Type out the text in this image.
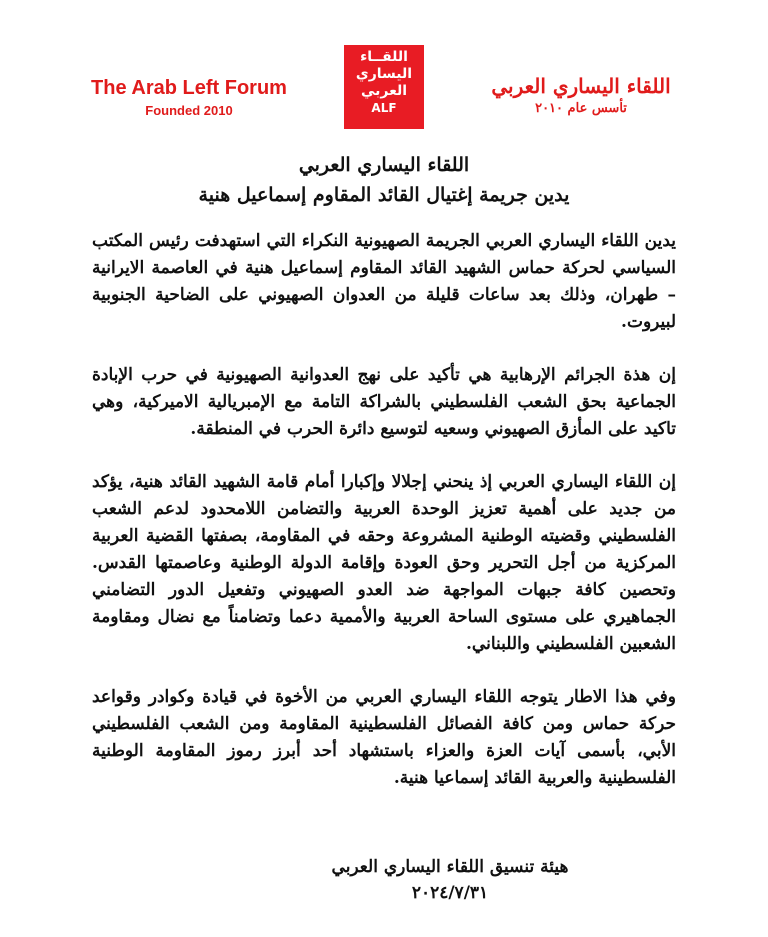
The Arab Left Forum
Founded 2010
اللقــاء
اليساري
العربي
ALF
اللقاء اليساري العربي
تأسس عام ٢٠١٠
اللقاء اليساري العربي
يدين جريمة إغتيال القائد المقاوم إسماعيل هنية

يدين اللقاء اليساري العربي الجريمة الصهيونية النكراء التي استهدفت رئيس المكتب السياسي لحركة حماس الشهيد القائد المقاوم إسماعيل هنية في العاصمة الايرانية – طهران، وذلك بعد ساعات قليلة من العدوان الصهيوني على الضاحية الجنوبية لبيروت.

إن هذة الجرائم الإرهابية هي تأكيد على نهج العدوانية الصهيونية في حرب الإبادة الجماعية بحق الشعب الفلسطيني بالشراكة التامة مع الإمبريالية الاميركية، وهي تاكيد على المأزق الصهيوني وسعيه لتوسيع دائرة الحرب في المنطقة.

إن اللقاء اليساري العربي إذ ينحني إجلالا وإكبارا أمام قامة الشهيد القائد هنية، يؤكد من جديد على أهمية تعزيز الوحدة العربية والتضامن اللامحدود لدعم الشعب الفلسطيني وقضيته الوطنية المشروعة وحقه في المقاومة، بصفتها القضية العربية المركزية من أجل التحرير وحق العودة وإقامة الدولة الوطنية وعاصمتها القدس. وتحصين كافة جبهات المواجهة ضد العدو الصهيوني وتفعيل الدور التضامني الجماهيري على مستوى الساحة العربية والأممية دعما وتضامناً مع نضال ومقاومة الشعبين الفلسطيني واللبناني.

وفي هذا الاطار يتوجه اللقاء اليساري العربي من الأخوة في قيادة وكوادر وقواعد حركة حماس ومن كافة الفصائل الفلسطينية المقاومة ومن الشعب الفلسطيني الأبي، بأسمى آيات العزة والعزاء باستشهاد أحد أبرز رموز المقاومة الوطنية الفلسطينية والعربية القائد إسماعيا هنية.

هيئة تنسيق اللقاء اليساري العربي
٢٠٢٤/٧/٣١
